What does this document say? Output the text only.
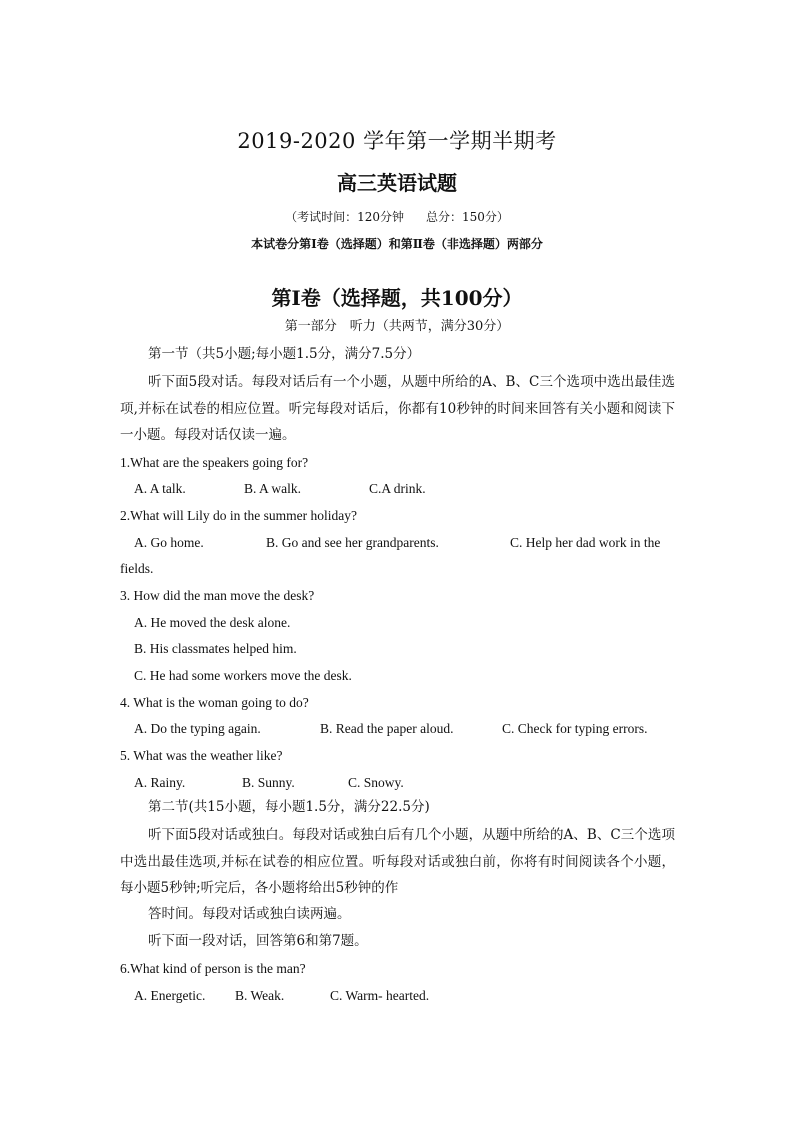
2019-2020 学年第一学期半期考
高三英语试题
（考试时间：120分钟 总分：150分）
本试卷分第Ⅰ卷（选择题）和第Ⅱ卷（非选择题）两部分
第Ⅰ卷（选择题，共100分）
第一部分　听力（共两节，满分30分）
第一节（共5小题;每小题1.5分，满分7.5分）
听下面5段对话。每段对话后有一个小题，从题中所给的A、B、C三个选项中选出最佳选项,并标在试卷的相应位置。听完每段对话后，你都有10秒钟的时间来回答有关小题和阅读下一小题。每段对话仅读一遍。
1.What are the speakers going for?
A. A talk.	B. A walk.	C.A drink.
2.What will Lily do in the summer holiday?
A. Go home.	B. Go and see her grandparents.	C. Help her dad work in the
fields.
3. How did the man move the desk?
A. He moved the desk alone.
B. His classmates helped him.
C. He had some workers move the desk.
4. What is the woman going to do?
A. Do the typing again.	B. Read the paper aloud.	C. Check for typing errors.
5. What was the weather like?
A. Rainy.	B. Sunny.	C. Snowy.
第二节(共15小题，每小题1.5分，满分22.5分)
听下面5段对话或独白。每段对话或独白后有几个小题，从题中所给的A、B、C三个选项中选出最佳选项,并标在试卷的相应位置。听每段对话或独白前，你将有时间阅读各个小题，每小题5秒钟;听完后，各小题将给出5秒钟的作
答时间。每段对话或独白读两遍。
听下面一段对话，回答第6和第7题。
6.What kind of person is the man?
A. Energetic. B. Weak.	C. Warm- hearted.
